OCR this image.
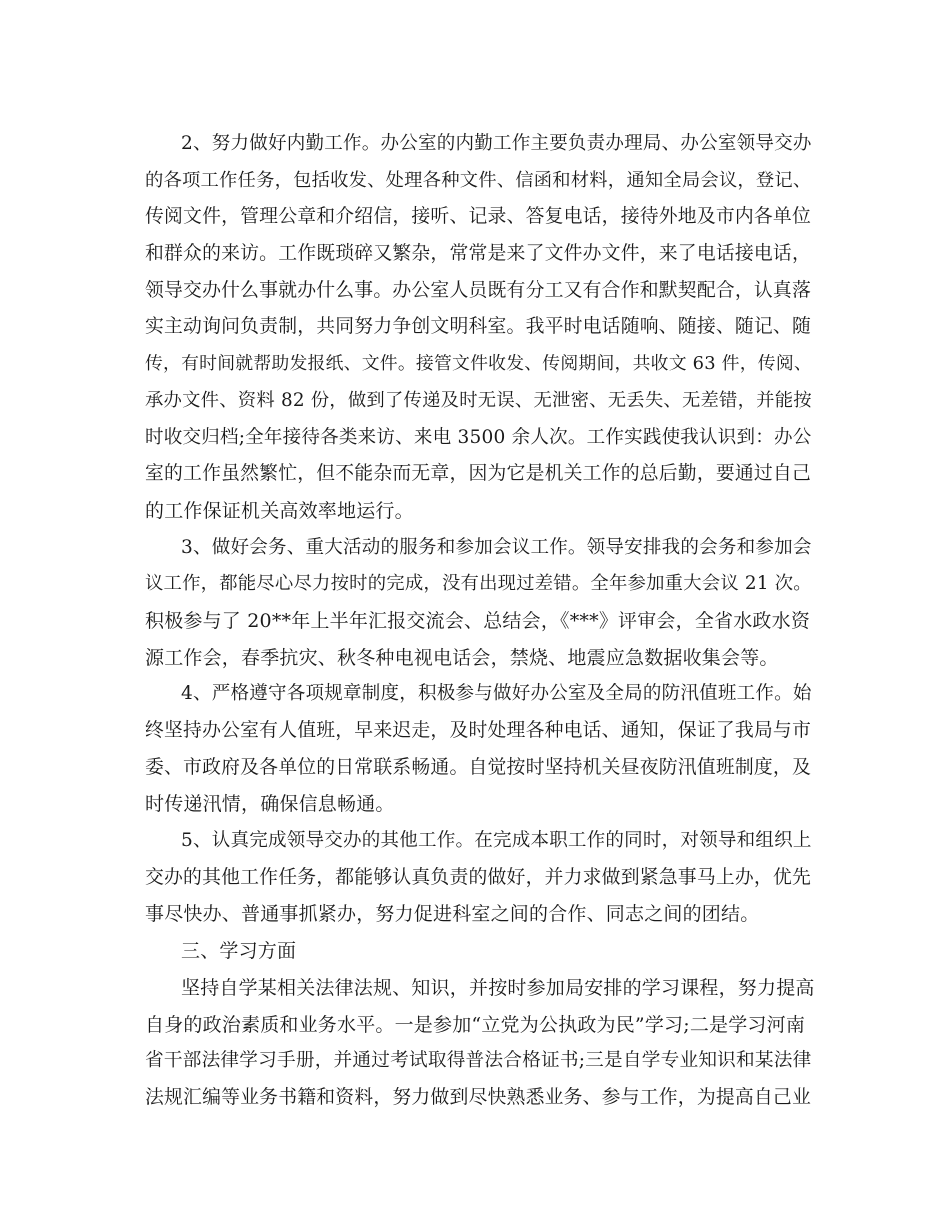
2、努力做好内勤工作。办公室的内勤工作主要负责办理局、办公室领导交办
的各项工作任务，包括收发、处理各种文件、信函和材料，通知全局会议，登记、
传阅文件，管理公章和介绍信，接听、记录、答复电话，接待外地及市内各单位
和群众的来访。工作既琐碎又繁杂，常常是来了文件办文件，来了电话接电话，
领导交办什么事就办什么事。办公室人员既有分工又有合作和默契配合，认真落
实主动询问负责制，共同努力争创文明科室。我平时电话随响、随接、随记、随
传，有时间就帮助发报纸、文件。接管文件收发、传阅期间，共收文 63 件，传阅、
承办文件、资料 82 份，做到了传递及时无误、无泄密、无丢失、无差错，并能按
时收交归档;全年接待各类来访、来电 3500 余人次。工作实践使我认识到：办公
室的工作虽然繁忙，但不能杂而无章，因为它是机关工作的总后勤，要通过自己
的工作保证机关高效率地运行。
3、做好会务、重大活动的服务和参加会议工作。领导安排我的会务和参加会
议工作，都能尽心尽力按时的完成，没有出现过差错。全年参加重大会议 21 次。
积极参与了 20**年上半年汇报交流会、总结会，《***》评审会，全省水政水资
源工作会，春季抗灾、秋冬种电视电话会，禁烧、地震应急数据收集会等。
4、严格遵守各项规章制度，积极参与做好办公室及全局的防汛值班工作。始
终坚持办公室有人值班，早来迟走，及时处理各种电话、通知，保证了我局与市
委、市政府及各单位的日常联系畅通。自觉按时坚持机关昼夜防汛值班制度，及
时传递汛情，确保信息畅通。
5、认真完成领导交办的其他工作。在完成本职工作的同时，对领导和组织上
交办的其他工作任务，都能够认真负责的做好，并力求做到紧急事马上办，优先
事尽快办、普通事抓紧办，努力促进科室之间的合作、同志之间的团结。
三、学习方面
坚持自学某相关法律法规、知识，并按时参加局安排的学习课程，努力提高
自身的政治素质和业务水平。一是参加“立党为公执政为民”学习;二是学习河南
省干部法律学习手册，并通过考试取得普法合格证书;三是自学专业知识和某法律
法规汇编等业务书籍和资料，努力做到尽快熟悉业务、参与工作，为提高自己业
